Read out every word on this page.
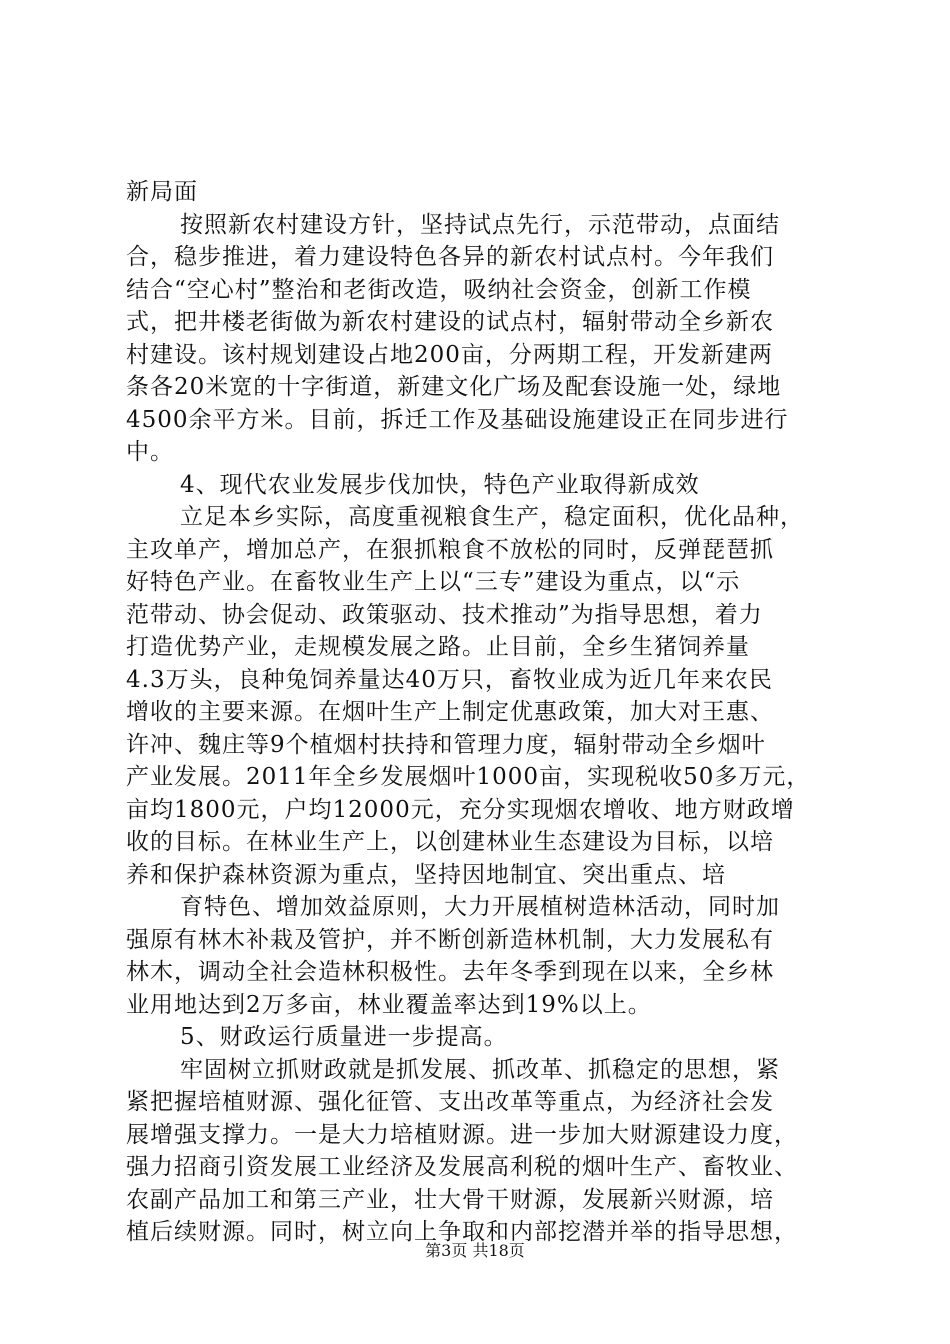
新局面
按照新农村建设方针，坚持试点先行，示范带动，点面结
合，稳步推进，着力建设特色各异的新农村试点村。今年我们
结合“空心村”整治和老街改造，吸纳社会资金，创新工作模
式，把井楼老街做为新农村建设的试点村，辐射带动全乡新农
村建设。该村规划建设占地200亩，分两期工程，开发新建两
条各20米宽的十字街道，新建文化广场及配套设施一处，绿地
4500余平方米。目前，拆迁工作及基础设施建设正在同步进行
中。
4、现代农业发展步伐加快，特色产业取得新成效
立足本乡实际，高度重视粮食生产，稳定面积，优化品种，
主攻单产，增加总产，在狠抓粮食不放松的同时，反弹琵琶抓
好特色产业。在畜牧业生产上以“三专”建设为重点，以“示
范带动、协会促动、政策驱动、技术推动”为指导思想，着力
打造优势产业，走规模发展之路。止目前，全乡生猪饲养量
4.3万头，良种兔饲养量达40万只，畜牧业成为近几年来农民
增收的主要来源。在烟叶生产上制定优惠政策，加大对王惠、
许冲、魏庄等9个植烟村扶持和管理力度，辐射带动全乡烟叶
产业发展。2011年全乡发展烟叶1000亩，实现税收50多万元，
亩均1800元，户均12000元，充分实现烟农增收、地方财政增
收的目标。在林业生产上，以创建林业生态建设为目标，以培
养和保护森林资源为重点，坚持因地制宜、突出重点、培
育特色、增加效益原则，大力开展植树造林活动，同时加
强原有林木补栽及管护，并不断创新造林机制，大力发展私有
林木，调动全社会造林积极性。去年冬季到现在以来，全乡林
业用地达到2万多亩，林业覆盖率达到19%以上。
5、财政运行质量进一步提高。
牢固树立抓财政就是抓发展、抓改革、抓稳定的思想，紧
紧把握培植财源、强化征管、支出改革等重点，为经济社会发
展增强支撑力。一是大力培植财源。进一步加大财源建设力度，
强力招商引资发展工业经济及发展高利税的烟叶生产、畜牧业、
农副产品加工和第三产业，壮大骨干财源，发展新兴财源，培
植后续财源。同时，树立向上争取和内部挖潜并举的指导思想，
第3页 共18页
